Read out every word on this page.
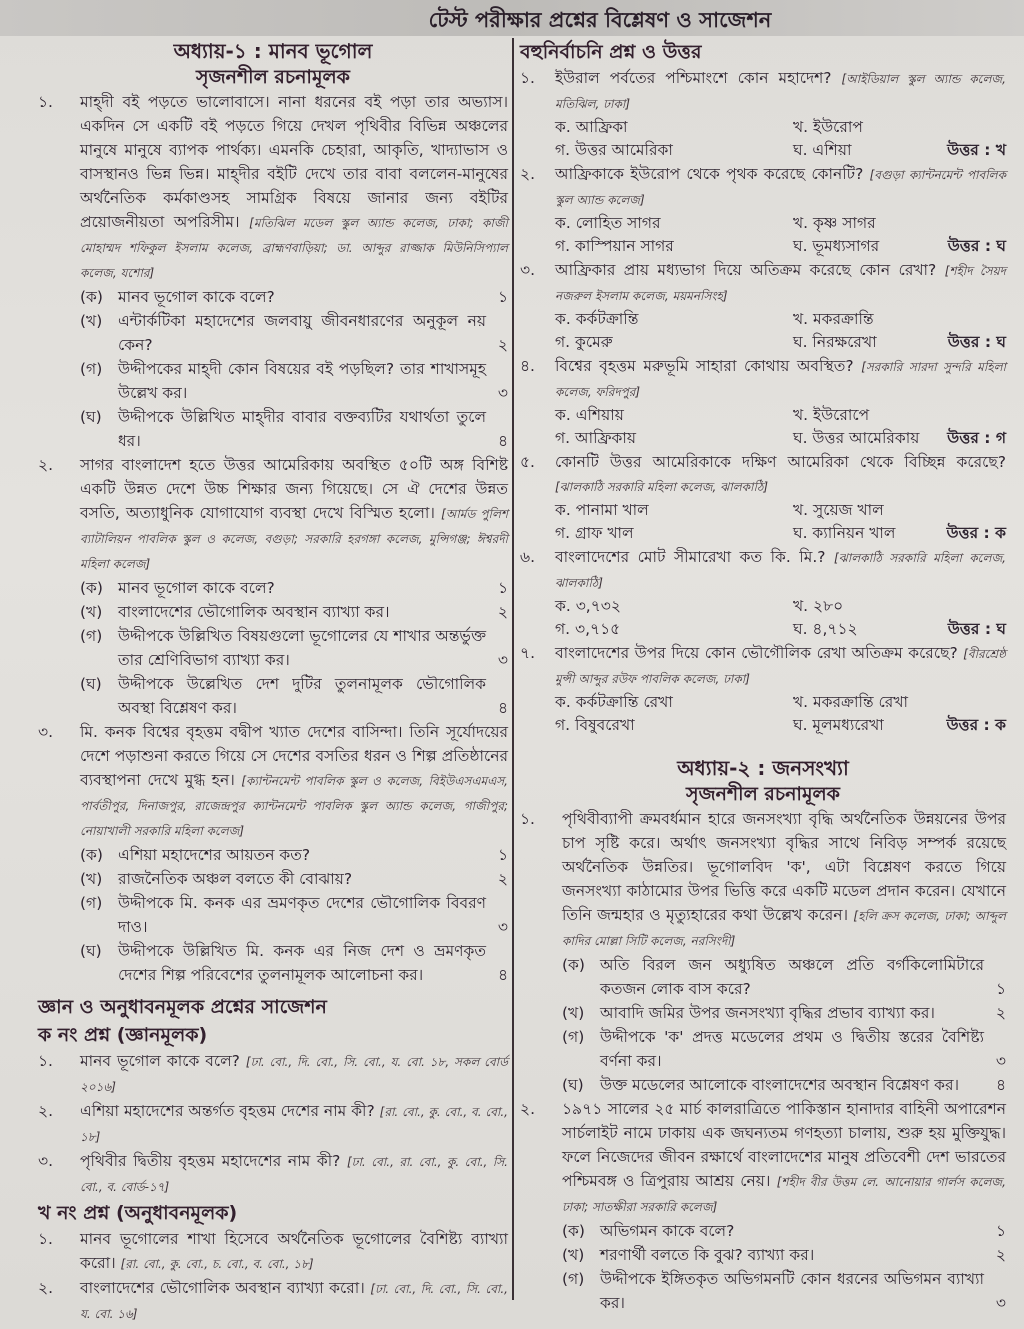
টেস্ট পরীক্ষার প্রশ্নের বিশ্লেষণ ও সাজেশন
অধ্যায়-১ : মানব ভূগোল
সৃজনশীল রচনামূলক
১. মাহ্দী বই পড়তে ভালোবাসে। নানা ধরনের বই পড়া তার অভ্যাস। একদিন সে একটি বই পড়তে গিয়ে দেখল পৃথিবীর বিভিন্ন অঞ্চলের মানুষে মানুষে ব্যাপক পার্থক্য। এমনকি চেহারা, আকৃতি, খাদ্যাভাস ও বাসস্থানও ভিন্ন ভিন্ন। মাহ্দীর বইটি দেখে তার বাবা বললেন-মানুষের অর্থনৈতিক কর্মকাণ্ডসহ সামগ্রিক বিষয়ে জানার জন্য বইটির প্রয়োজনীয়তা অপরিসীম। [মতিঝিল মডেল স্কুল অ্যান্ড কলেজ, ঢাকা; কাজী মোহাম্মদ শফিকুল ইসলাম কলেজ, ব্রাহ্মণবাড়িয়া; ডা. আব্দুর রাজ্জাক মিউনিসিপ্যাল কলেজ, যশোর]
(ক) মানব ভূগোল কাকে বলে?	১
(খ) এন্টার্কটিকা মহাদেশের জলবায়ু জীবনধারণের অনুকূল নয় কেন?	২
(গ) উদ্দীপকের মাহ্দী কোন বিষয়ের বই পড়ছিল? তার শাখাসমূহ উল্লেখ কর।	৩
(ঘ) উদ্দীপকে উল্লিখিত মাহ্দীর বাবার বক্তব্যটির যথার্থতা তুলে ধর।	৪
২. সাগর বাংলাদেশ হতে উত্তর আমেরিকায় অবস্থিত ৫০টি অঙ্গ বিশিষ্ট একটি উন্নত দেশে উচ্চ শিক্ষার জন্য গিয়েছে। সে ঐ দেশের উন্নত বসতি, অত্যাধুনিক যোগাযোগ ব্যবস্থা দেখে বিস্মিত হলো। [আর্মড পুলিশ ব্যাটালিয়ন পাবলিক স্কুল ও কলেজ, বগুড়া; সরকারি হরগঙ্গা কলেজ, মুন্সিগঞ্জ; ঈশ্বরদী মহিলা কলেজ]
(ক) মানব ভূগোল কাকে বলে?	১
(খ) বাংলাদেশের ভৌগোলিক অবস্থান ব্যাখ্যা কর।	২
(গ) উদ্দীপকে উল্লিখিত বিষয়গুলো ভূগোলের যে শাখার অন্তর্ভুক্ত তার শ্রেণিবিভাগ ব্যাখ্যা কর।	৩
(ঘ) উদ্দীপকে উল্লেখিত দেশ দুটির তুলনামূলক ভৌগোলিক অবস্থা বিশ্লেষণ কর।	৪
৩. মি. কনক বিশ্বের বৃহত্তম বদ্বীপ খ্যাত দেশের বাসিন্দা। তিনি সূর্যোদয়ের দেশে পড়াশুনা করতে গিয়ে সে দেশের বসতির ধরন ও শিল্প প্রতিষ্ঠানের ব্যবস্থাপনা দেখে মুগ্ধ হন। [ক্যান্টনমেন্ট পাবলিক স্কুল ও কলেজ, বিইউএসএমএস, পার্বতীপুর, দিনাজপুর, রাজেন্দ্রপুর ক্যান্টনমেন্ট পাবলিক স্কুল অ্যান্ড কলেজ, গাজীপুর; নোয়াখালী সরকারি মহিলা কলেজ]
(ক) এশিয়া মহাদেশের আয়তন কত?	১
(খ) রাজনৈতিক অঞ্চল বলতে কী বোঝায়?	২
(গ) উদ্দীপকে মি. কনক এর ভ্রমণকৃত দেশের ভৌগোলিক বিবরণ দাও।	৩
(ঘ) উদ্দীপকে উল্লিখিত মি. কনক এর নিজ দেশ ও ভ্রমণকৃত দেশের শিল্প পরিবেশের তুলনামূলক আলোচনা কর।	৪
জ্ঞান ও অনুধাবনমূলক প্রশ্নের সাজেশন
ক নং প্রশ্ন (জ্ঞানমূলক)
১. মানব ভূগোল কাকে বলে? [ঢা. বো., দি. বো., সি. বো., য. বো. ১৮, সকল বোর্ড ২০১৬]
২. এশিয়া মহাদেশের অন্তর্গত বৃহত্তম দেশের নাম কী? [রা. বো., কু. বো., ব. বো., ১৮]
৩. পৃথিবীর দ্বিতীয় বৃহত্তম মহাদেশের নাম কী? [ঢা. বো., রা. বো., কু. বো., সি. বো., ব. বোর্ড-১৭]
খ নং প্রশ্ন (অনুধাবনমূলক)
১. মানব ভূগোলের শাখা হিসেবে অর্থনৈতিক ভূগোলের বৈশিষ্ট্য ব্যাখ্যা করো। [রা. বো., কু. বো., চ. বো., ব. বো., ১৮]
২. বাংলাদেশের ভৌগোলিক অবস্থান ব্যাখ্যা করো। [ঢা. বো., দি. বো., সি. বো., য. বো. ১৬]
বহুনির্বাচনি প্রশ্ন ও উত্তর
১. ইউরাল পর্বতের পশ্চিমাংশে কোন মহাদেশ? [আইডিয়াল স্কুল অ্যান্ড কলেজ, মতিঝিল, ঢাকা]
ক. আফ্রিকা	খ. ইউরোপ
গ. উত্তর আমেরিকা	ঘ. এশিয়া	উত্তর : খ
২. আফ্রিকাকে ইউরোপ থেকে পৃথক করেছে কোনটি? [বগুড়া ক্যান্টনমেন্ট পাবলিক স্কুল অ্যান্ড কলেজ]
ক. লোহিত সাগর	খ. কৃষ্ণ সাগর
গ. কাস্পিয়ান সাগর	ঘ. ভূমধ্যসাগর	উত্তর : ঘ
৩. আফ্রিকার প্রায় মধ্যভাগ দিয়ে অতিক্রম করেছে কোন রেখা? [শহীদ সৈয়দ নজরুল ইসলাম কলেজ, ময়মনসিংহ]
ক. কর্কটক্রান্তি	খ. মকরক্রান্তি
গ. কুমেরু	ঘ. নিরক্ষরেখা	উত্তর : ঘ
৪. বিশ্বের বৃহত্তম মরুভূমি সাহারা কোথায় অবস্থিত? [সরকারি সারদা সুন্দরি মহিলা কলেজ, ফরিদপুর]
ক. এশিয়ায়	খ. ইউরোপে
গ. আফ্রিকায়	ঘ. উত্তর আমেরিকায়	উত্তর : গ
৫. কোনটি উত্তর আমেরিকাকে দক্ষিণ আমেরিকা থেকে বিচ্ছিন্ন করেছে? [ঝালকাঠি সরকারি মহিলা কলেজ, ঝালকাঠি]
ক. পানামা খাল	খ. সুয়েজ খাল
গ. গ্রাফ খাল	ঘ. ক্যানিয়ন খাল	উত্তর : ক
৬. বাংলাদেশের মোট সীমারেখা কত কি. মি.? [ঝালকাঠি সরকারি মহিলা কলেজ, ঝালকাঠি]
ক. ৩,৭৩২	খ. ২৮০
গ. ৩,৭১৫	ঘ. ৪,৭১২	উত্তর : ঘ
৭. বাংলাদেশের উপর দিয়ে কোন ভৌগৌলিক রেখা অতিক্রম করেছে? [বীরশ্রেষ্ঠ মুন্সী আব্দুর রউফ পাবলিক কলেজ, ঢাকা]
ক. কর্কটক্রান্তি রেখা	খ. মকরক্রান্তি রেখা
গ. বিষুবরেখা	ঘ. মূলমধ্যরেখা	উত্তর : ক
অধ্যায়-২ : জনসংখ্যা
সৃজনশীল রচনামূলক
১. পৃথিবীব্যাপী ক্রমবর্ধমান হারে জনসংখ্যা বৃদ্ধি অর্থনৈতিক উন্নয়নের উপর চাপ সৃষ্টি করে। অর্থাৎ জনসংখ্যা বৃদ্ধির সাথে নিবিড় সম্পর্ক রয়েছে অর্থনৈতিক উন্নতির। ভূগোলবিদ 'ক', এটা বিশ্লেষণ করতে গিয়ে জনসংখ্যা কাঠামোর উপর ভিত্তি করে একটি মডেল প্রদান করেন। যেখানে তিনি জন্মহার ও মৃত্যুহারের কথা উল্লেখ করেন। [হলি ক্রস কলেজ, ঢাকা; আব্দুল কাদির মোল্লা সিটি কলেজ, নরসিংদী]
(ক) অতি বিরল জন অধ্যুষিত অঞ্চলে প্রতি বর্গকিলোমিটারে কতজন লোক বাস করে?	১
(খ) আবাদি জমির উপর জনসংখ্যা বৃদ্ধির প্রভাব ব্যাখ্যা কর।	২
(গ) উদ্দীপকে 'ক' প্রদত্ত মডেলের প্রথম ও দ্বিতীয় স্তরের বৈশিষ্ট্য বর্ণনা কর।	৩
(ঘ) উক্ত মডেলের আলোকে বাংলাদেশের অবস্থান বিশ্লেষণ কর। ৪
২. ১৯৭১ সালের ২৫ মার্চ কালরাত্রিতে পাকিস্তান হানাদার বাহিনী অপারেশন সার্চলাইট নামে ঢাকায় এক জঘন্যতম গণহত্যা চালায়, শুরু হয় মুক্তিযুদ্ধ। ফলে নিজেদের জীবন রক্ষার্থে বাংলাদেশের মানুষ প্রতিবেশী দেশ ভারতের পশ্চিমবঙ্গ ও ত্রিপুরায় আশ্রয় নেয়। [শহীদ বীর উত্তম লে. আনোয়ার গার্লস কলেজ, ঢাকা; সাতক্ষীরা সরকারি কলেজ]
(ক) অভিগমন কাকে বলে?	১
(খ) শরণার্থী বলতে কি বুঝ? ব্যাখ্যা কর।	২
(গ) উদ্দীপকে ইঙ্গিতকৃত অভিগমনটি কোন ধরনের অভিগমন ব্যাখ্যা কর।	৩
